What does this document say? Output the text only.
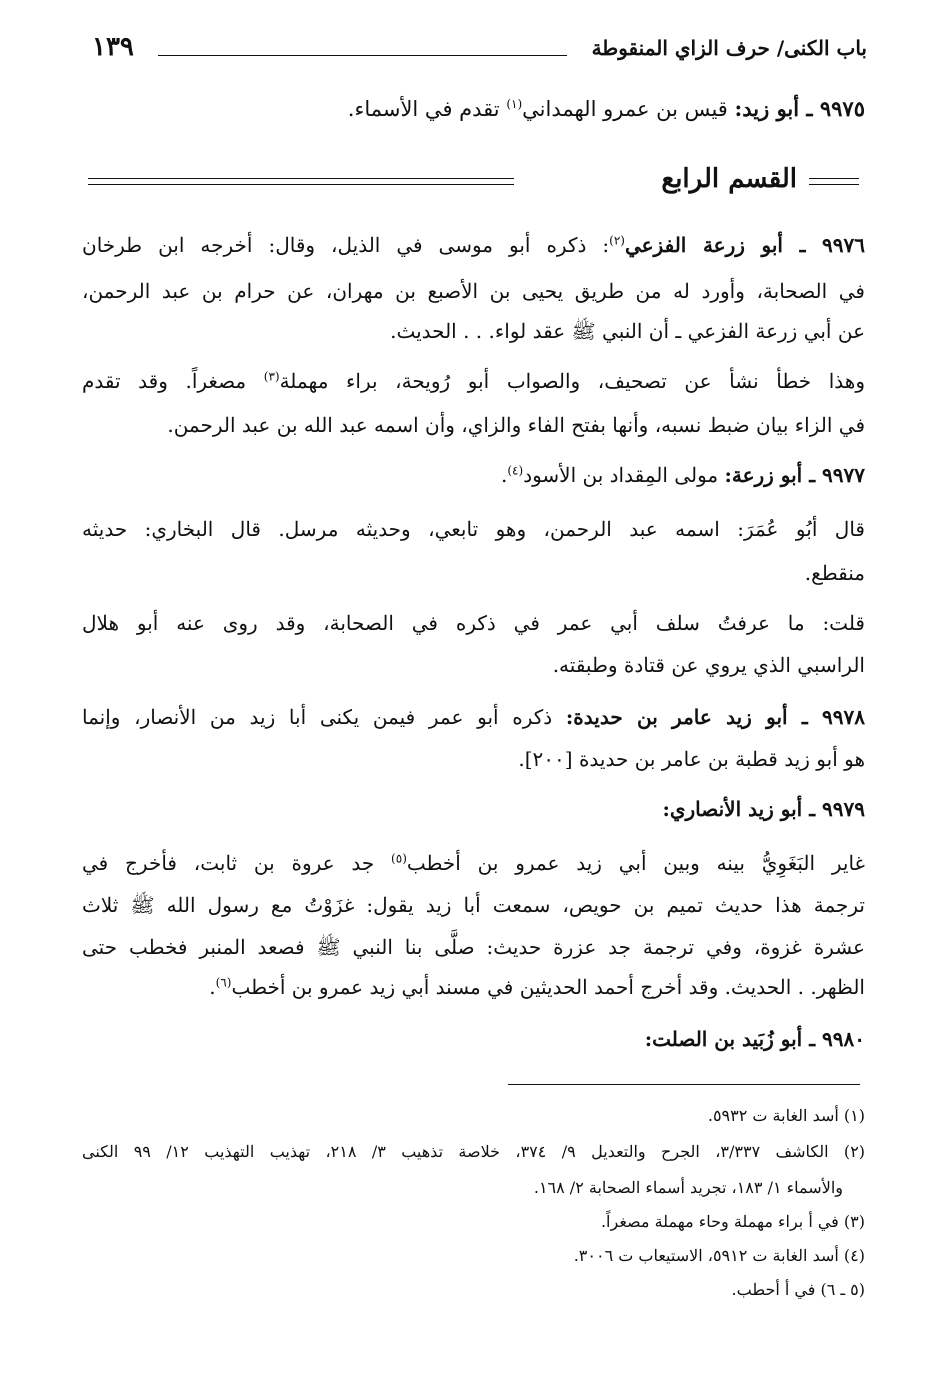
باب الكنى/ حرف الزاي المنقوطة
١٣٩
٩٩٧٥ ـ أبو زيد: قيس بن عمرو الهمداني$^{(١)}$ تقدم في الأسماء.
القسم الرابع
٩٩٧٦ ـ أبو زرعة الفزعي$^{(٢)}$: ذكره أبو موسى في الذيل، وقال: أخرجه ابن طرخان
في الصحابة، وأورد له من طريق يحيى بن الأصبع بن مهران، عن حرام بن عبد الرحمن،
عن أبي زرعة الفزعي ـ أن النبي ﷺ عقد لواء. . . الحديث.
وهذا خطأ نشأ عن تصحيف، والصواب أبو رُويحة، براء مهملة$^{(٣)}$ مصغراً. وقد تقدم
في الزاء بيان ضبط نسبه، وأنها بفتح الفاء والزاي، وأن اسمه عبد الله بن عبد الرحمن.
٩٩٧٧ ـ أبو زرعة: مولى المِقداد بن الأسود$^{(٤)}$.
قال أبُو عُمَرَ: اسمه عبد الرحمن، وهو تابعي، وحديثه مرسل. قال البخاري: حديثه
منقطع.
قلت: ما عرفتُ سلف أبي عمر في ذكره في الصحابة، وقد روى عنه أبو هلال
الراسبي الذي يروي عن قتادة وطبقته.
٩٩٧٨ ـ أبو زيد عامر بن حديدة: ذكره أبو عمر فيمن يكنى أبا زيد من الأنصار، وإنما
هو أبو زيد قطبة بن عامر بن حديدة [٢٠٠].
٩٩٧٩ ـ أبو زيد الأنصاري:
غاير البَغَوِيُّ بينه وبين أبي زيد عمرو بن أخطب$^{(٥)}$ جد عروة بن ثابت، فأخرج في
ترجمة هذا حديث تميم بن حويص، سمعت أبا زيد يقول: غزَوْتُ مع رسول الله ﷺ ثلاث
عشرة غزوة، وفي ترجمة جد عزرة حديث: صلَّى بنا النبي ﷺ فصعد المنبر فخطب حتى
الظهر. . الحديث. وقد أخرج أحمد الحديثين في مسند أبي زيد عمرو بن أخطب$^{(٦)}$.
٩٩٨٠ ـ أبو زُبَيد بن الصلت:
(١) أسد الغابة ت ٥٩٣٢.
(٢) الكاشف ٣/٣٣٧، الجرح والتعديل ٩/ ٣٧٤، خلاصة تذهيب ٣/ ٢١٨، تهذيب التهذيب ١٢/ ٩٩ الكنى
والأسماء ١/ ١٨٣، تجريد أسماء الصحابة ٢/ ١٦٨.
(٣) في أ براء مهملة وحاء مهملة مصغراً.
(٤) أسد الغابة ت ٥٩١٢، الاستيعاب ت ٣٠٠٦.
(٥ ـ ٦) في أ أحطب.
